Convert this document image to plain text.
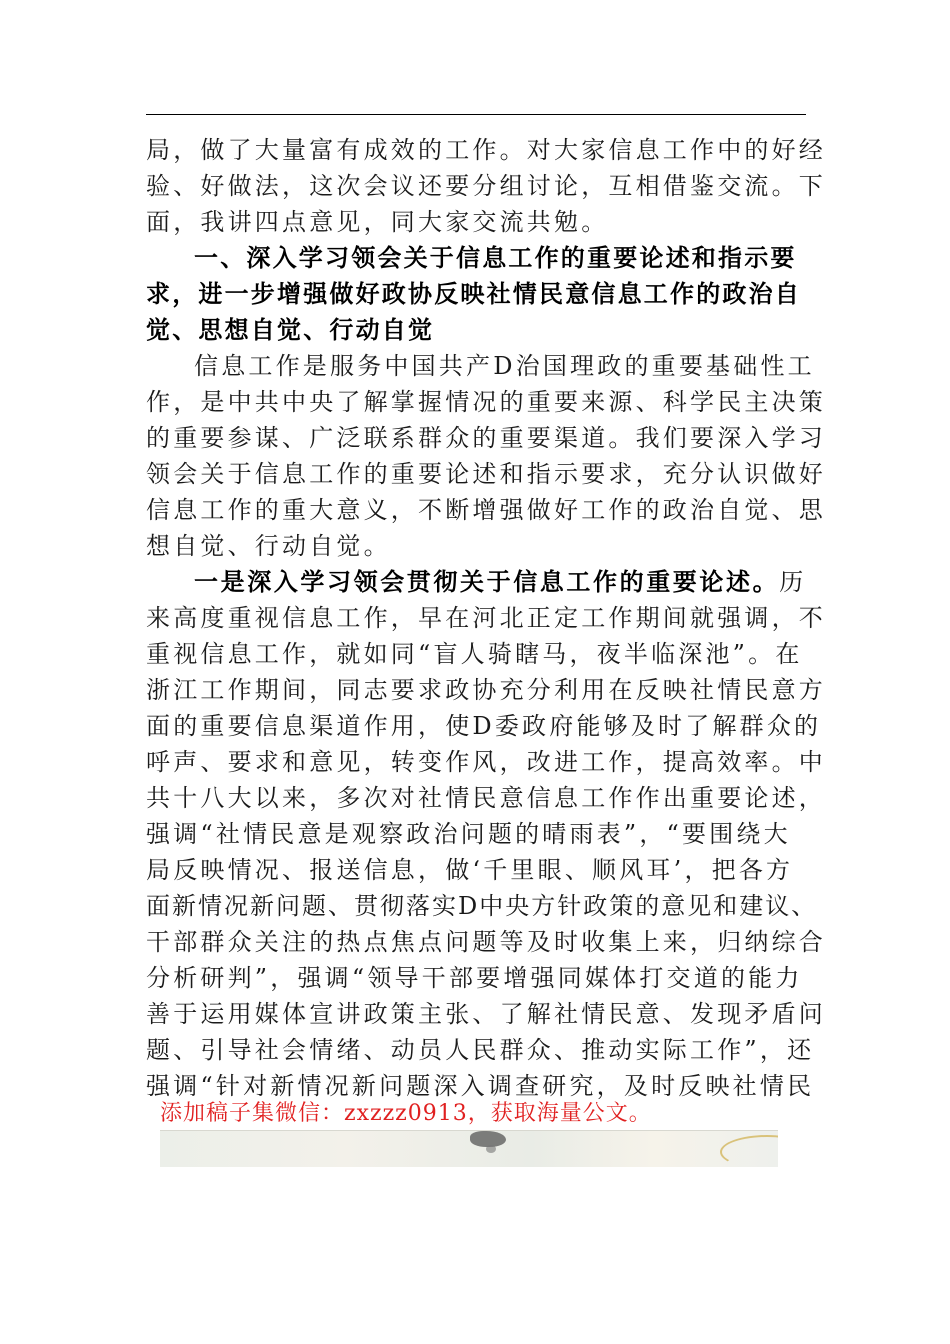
局，做了大量富有成效的工作。对大家信息工作中的好经
验、好做法，这次会议还要分组讨论，互相借鉴交流。下
面，我讲四点意见，同大家交流共勉。
一、深入学习领会关于信息工作的重要论述和指示要
求，进一步增强做好政协反映社情民意信息工作的政治自
觉、思想自觉、行动自觉
信息工作是服务中国共产D治国理政的重要基础性工
作，是中共中央了解掌握情况的重要来源、科学民主决策
的重要参谋、广泛联系群众的重要渠道。我们要深入学习
领会关于信息工作的重要论述和指示要求，充分认识做好
信息工作的重大意义，不断增强做好工作的政治自觉、思
想自觉、行动自觉。
一是深入学习领会贯彻关于信息工作的重要论述。历
来高度重视信息工作，早在河北正定工作期间就强调，不
重视信息工作，就如同“盲人骑瞎马，夜半临深池”。在
浙江工作期间，同志要求政协充分利用在反映社情民意方
面的重要信息渠道作用，使D委政府能够及时了解群众的
呼声、要求和意见，转变作风，改进工作，提高效率。中
共十八大以来，多次对社情民意信息工作作出重要论述，
强调“社情民意是观察政治问题的晴雨表”，“要围绕大
局反映情况、报送信息，做‘千里眼、顺风耳’，把各方
面新情况新问题、贯彻落实D中央方针政策的意见和建议、
干部群众关注的热点焦点问题等及时收集上来，归纳综合
分析研判”，强调“领导干部要增强同媒体打交道的能力
善于运用媒体宣讲政策主张、了解社情民意、发现矛盾问
题、引导社会情绪、动员人民群众、推动实际工作”，还
强调“针对新情况新问题深入调查研究，及时反映社情民
添加稿子集微信：zxzzz0913，获取海量公文。
